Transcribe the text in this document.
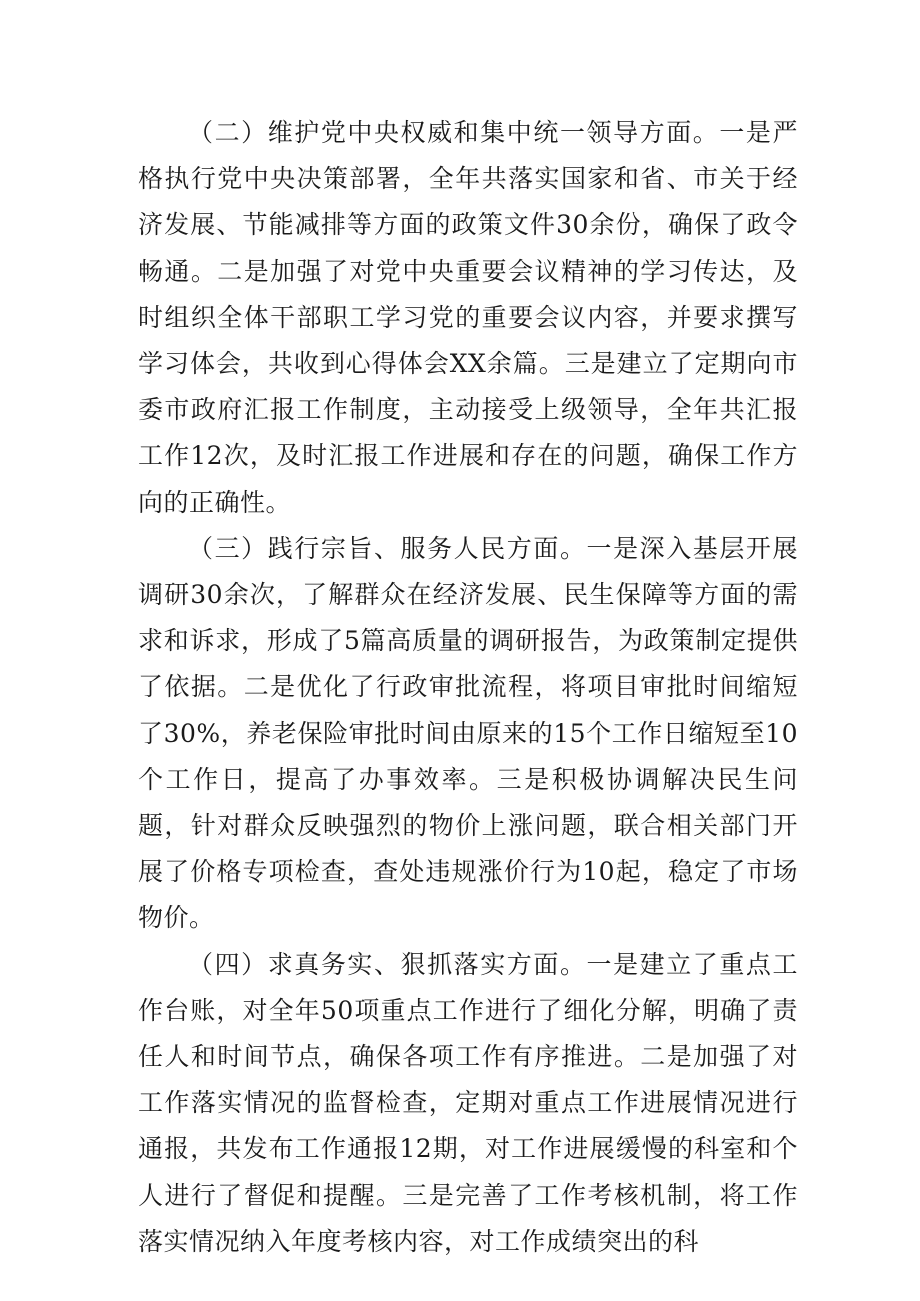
（二）维护党中央权威和集中统一领导方面。一是严格执行党中央决策部署，全年共落实国家和省、市关于经济发展、节能减排等方面的政策文件30余份，确保了政令畅通。二是加强了对党中央重要会议精神的学习传达，及时组织全体干部职工学习党的重要会议内容，并要求撰写学习体会，共收到心得体会XX余篇。三是建立了定期向市委市政府汇报工作制度，主动接受上级领导，全年共汇报工作12次，及时汇报工作进展和存在的问题，确保工作方向的正确性。

（三）践行宗旨、服务人民方面。一是深入基层开展调研30余次，了解群众在经济发展、民生保障等方面的需求和诉求，形成了5篇高质量的调研报告，为政策制定提供了依据。二是优化了行政审批流程，将项目审批时间缩短了30%，养老保险审批时间由原来的15个工作日缩短至10个工作日，提高了办事效率。三是积极协调解决民生问题，针对群众反映强烈的物价上涨问题，联合相关部门开展了价格专项检查，查处违规涨价行为10起，稳定了市场物价。

（四）求真务实、狠抓落实方面。一是建立了重点工作台账，对全年50项重点工作进行了细化分解，明确了责任人和时间节点，确保各项工作有序推进。二是加强了对工作落实情况的监督检查，定期对重点工作进展情况进行通报，共发布工作通报12期，对工作进展缓慢的科室和个人进行了督促和提醒。三是完善了工作考核机制，将工作落实情况纳入年度考核内容，对工作成绩突出的科
